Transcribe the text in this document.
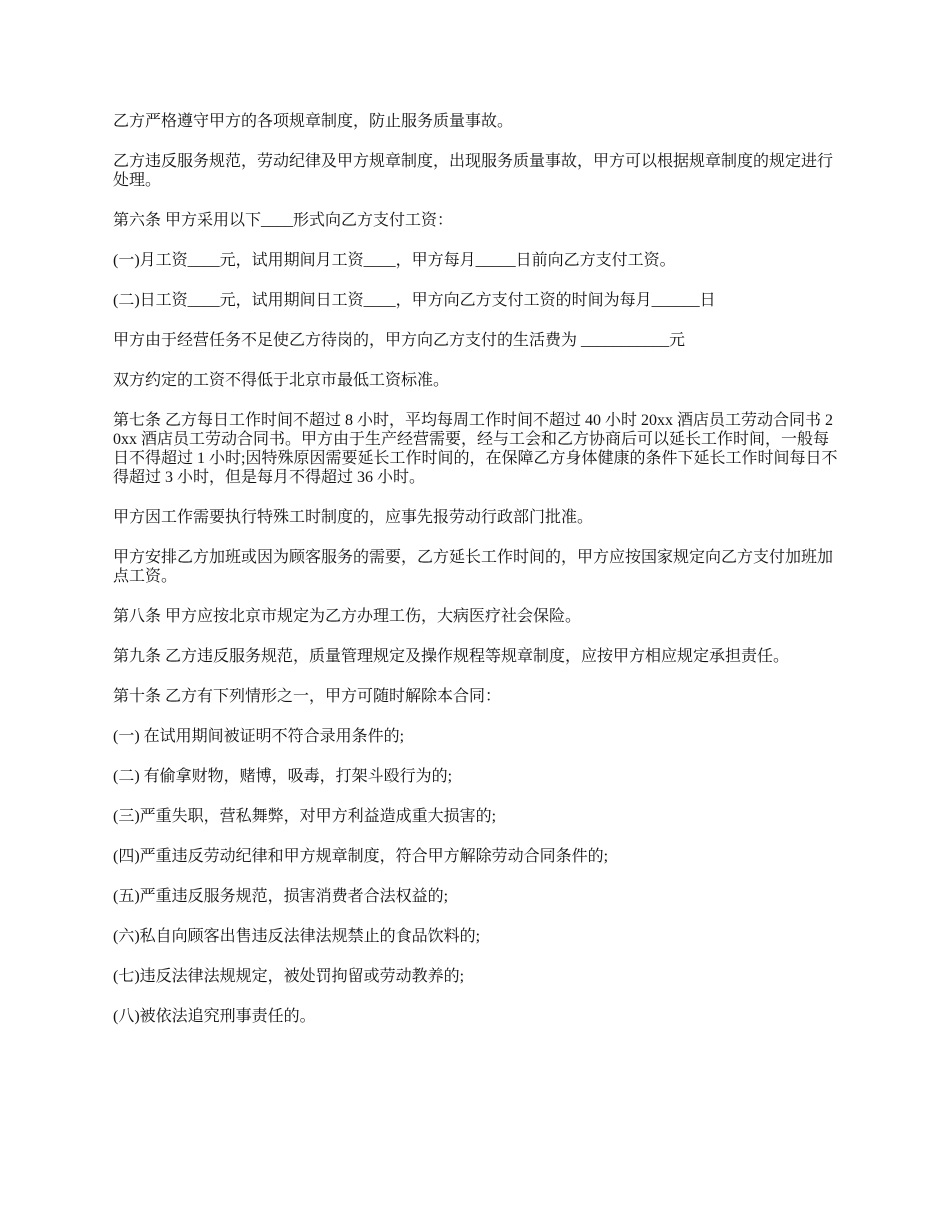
乙方严格遵守甲方的各项规章制度，防止服务质量事故。

乙方违反服务规范，劳动纪律及甲方规章制度，出现服务质量事故，甲方可以根据规章制度的规定进行处理。

第六条 甲方采用以下____形式向乙方支付工资：

(一)月工资____元，试用期间月工资____，甲方每月_____日前向乙方支付工资。

(二)日工资____元，试用期间日工资____，甲方向乙方支付工资的时间为每月______日

甲方由于经营任务不足使乙方待岗的，甲方向乙方支付的生活费为 ___________元

双方约定的工资不得低于北京市最低工资标准。

第七条 乙方每日工作时间不超过 8 小时，平均每周工作时间不超过 40 小时 20xx 酒店员工劳动合同书 20xx 酒店员工劳动合同书。甲方由于生产经营需要，经与工会和乙方协商后可以延长工作时间，一般每日不得超过 1 小时;因特殊原因需要延长工作时间的，在保障乙方身体健康的条件下延长工作时间每日不得超过 3 小时，但是每月不得超过 36 小时。

甲方因工作需要执行特殊工时制度的，应事先报劳动行政部门批准。

甲方安排乙方加班或因为顾客服务的需要，乙方延长工作时间的，甲方应按国家规定向乙方支付加班加点工资。

第八条 甲方应按北京市规定为乙方办理工伤，大病医疗社会保险。

第九条 乙方违反服务规范，质量管理规定及操作规程等规章制度，应按甲方相应规定承担责任。

第十条 乙方有下列情形之一，甲方可随时解除本合同：

(一) 在试用期间被证明不符合录用条件的;

(二) 有偷拿财物，赌博，吸毒，打架斗殴行为的;

(三)严重失职，营私舞弊，对甲方利益造成重大损害的;

(四)严重违反劳动纪律和甲方规章制度，符合甲方解除劳动合同条件的;

(五)严重违反服务规范，损害消费者合法权益的;

(六)私自向顾客出售违反法律法规禁止的食品饮料的;

(七)违反法律法规规定，被处罚拘留或劳动教养的;

(八)被依法追究刑事责任的。
